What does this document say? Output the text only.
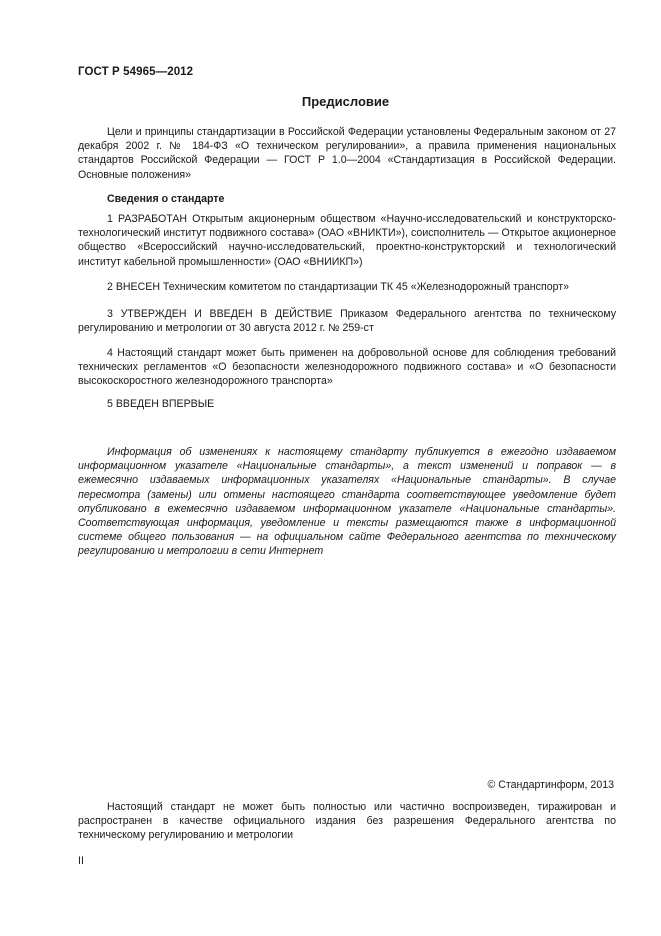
ГОСТ Р 54965—2012
Предисловие

Цели и принципы стандартизации в Российской Федерации установлены Федеральным законом от 27 декабря 2002 г. № 184-ФЗ «О техническом регулировании», а правила применения национальных стандартов Российской Федерации — ГОСТ Р 1.0—2004 «Стандартизация в Российской Федерации. Основные положения»

Сведения о стандарте

1 РАЗРАБОТАН Открытым акционерным обществом «Научно-исследовательский и конструкторско-технологический институт подвижного состава» (ОАО «ВНИКТИ»), соисполнитель — Открытое акционерное общество «Всероссийский научно-исследовательский, проектно-конструкторский и технологический институт кабельной промышленности» (ОАО «ВНИИКП»)

2 ВНЕСЕН Техническим комитетом по стандартизации ТК 45 «Железнодорожный транспорт»

3 УТВЕРЖДЕН И ВВЕДЕН В ДЕЙСТВИЕ Приказом Федерального агентства по техническому регулированию и метрологии от 30 августа 2012 г. № 259-ст

4 Настоящий стандарт может быть применен на добровольной основе для соблюдения требований технических регламентов «О безопасности железнодорожного подвижного состава» и «О безопасности высокоскоростного железнодорожного транспорта»

5 ВВЕДЕН ВПЕРВЫЕ

Информация об изменениях к настоящему стандарту публикуется в ежегодно издаваемом информационном указателе «Национальные стандарты», а текст изменений и поправок — в ежемесячно издаваемых информационных указателях «Национальные стандарты». В случае пересмотра (замены) или отмены настоящего стандарта соответствующее уведомление будет опубликовано в ежемесячно издаваемом информационном указателе «Национальные стандарты». Соответствующая информация, уведомление и тексты размещаются также в информационной системе общего пользования — на официальном сайте Федерального агентства по техническому регулированию и метрологии в сети Интернет

© Стандартинформ, 2013

Настоящий стандарт не может быть полностью или частично воспроизведен, тиражирован и распространен в качестве официального издания без разрешения Федерального агентства по техническому регулированию и метрологии

II
